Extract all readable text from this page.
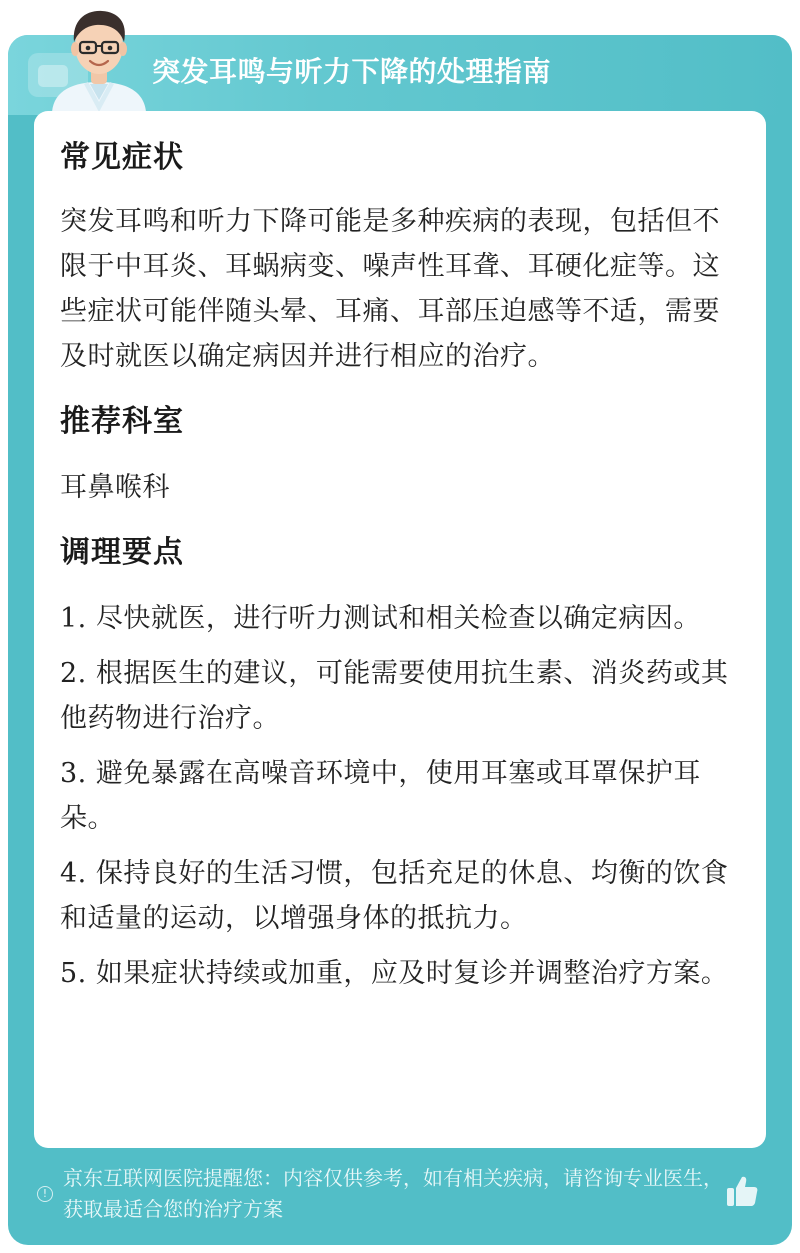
突发耳鸣与听力下降的处理指南
常见症状

突发耳鸣和听力下降可能是多种疾病的表现，包括但不限于中耳炎、耳蜗病变、噪声性耳聋、耳硬化症等。这些症状可能伴随头晕、耳痛、耳部压迫感等不适，需要及时就医以确定病因并进行相应的治疗。

推荐科室

耳鼻喉科

调理要点

1. 尽快就医，进行听力测试和相关检查以确定病因。

2. 根据医生的建议，可能需要使用抗生素、消炎药或其他药物进行治疗。

3. 避免暴露在高噪音环境中，使用耳塞或耳罩保护耳朵。

4. 保持良好的生活习惯，包括充足的休息、均衡的饮食和适量的运动，以增强身体的抵抗力。

5. 如果症状持续或加重，应及时复诊并调整治疗方案。

!

京东互联网医院提醒您：内容仅供参考，如有相关疾病，请咨询专业医生，获取最适合您的治疗方案
